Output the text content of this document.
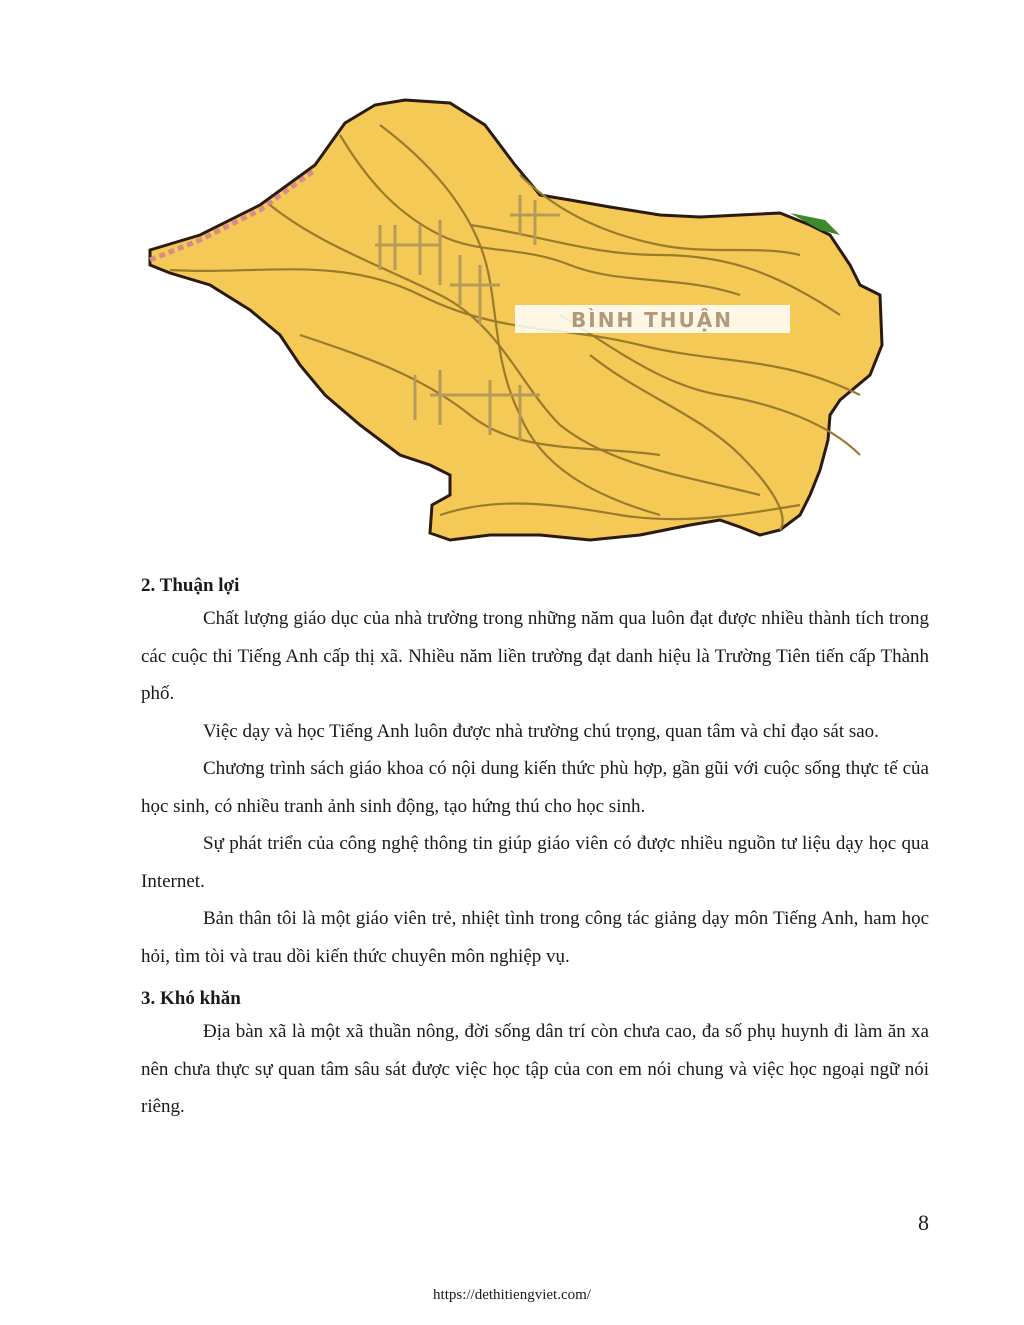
BÌNH THUẬN
2. Thuận lợi

Chất lượng giáo dục của nhà trường trong những năm qua luôn đạt được nhiều thành tích trong các cuộc thi Tiếng Anh cấp thị xã. Nhiều năm liền trường đạt danh hiệu là Trường Tiên tiến cấp Thành phố.

Việc dạy và học Tiếng Anh luôn được nhà trường chú trọng, quan tâm và chỉ đạo sát sao.

Chương trình sách giáo khoa có nội dung kiến thức phù hợp, gần gũi với cuộc sống thực tế của học sinh, có nhiều tranh ảnh sinh động, tạo hứng thú cho học sinh.

Sự phát triển của công nghệ thông tin giúp giáo viên có được nhiều nguồn tư liệu dạy học qua Internet.

Bản thân tôi là một giáo viên trẻ, nhiệt tình trong công tác giảng dạy môn Tiếng Anh, ham học hỏi, tìm tòi và trau dồi kiến thức chuyên môn nghiệp vụ.

3. Khó khăn

Địa bàn xã là một xã thuần nông, đời sống dân trí còn chưa cao, đa số phụ huynh đi làm ăn xa nên chưa thực sự quan tâm sâu sát được việc học tập của con em nói chung và việc học ngoại ngữ nói riêng.

8
https://dethitiengviet.com/
